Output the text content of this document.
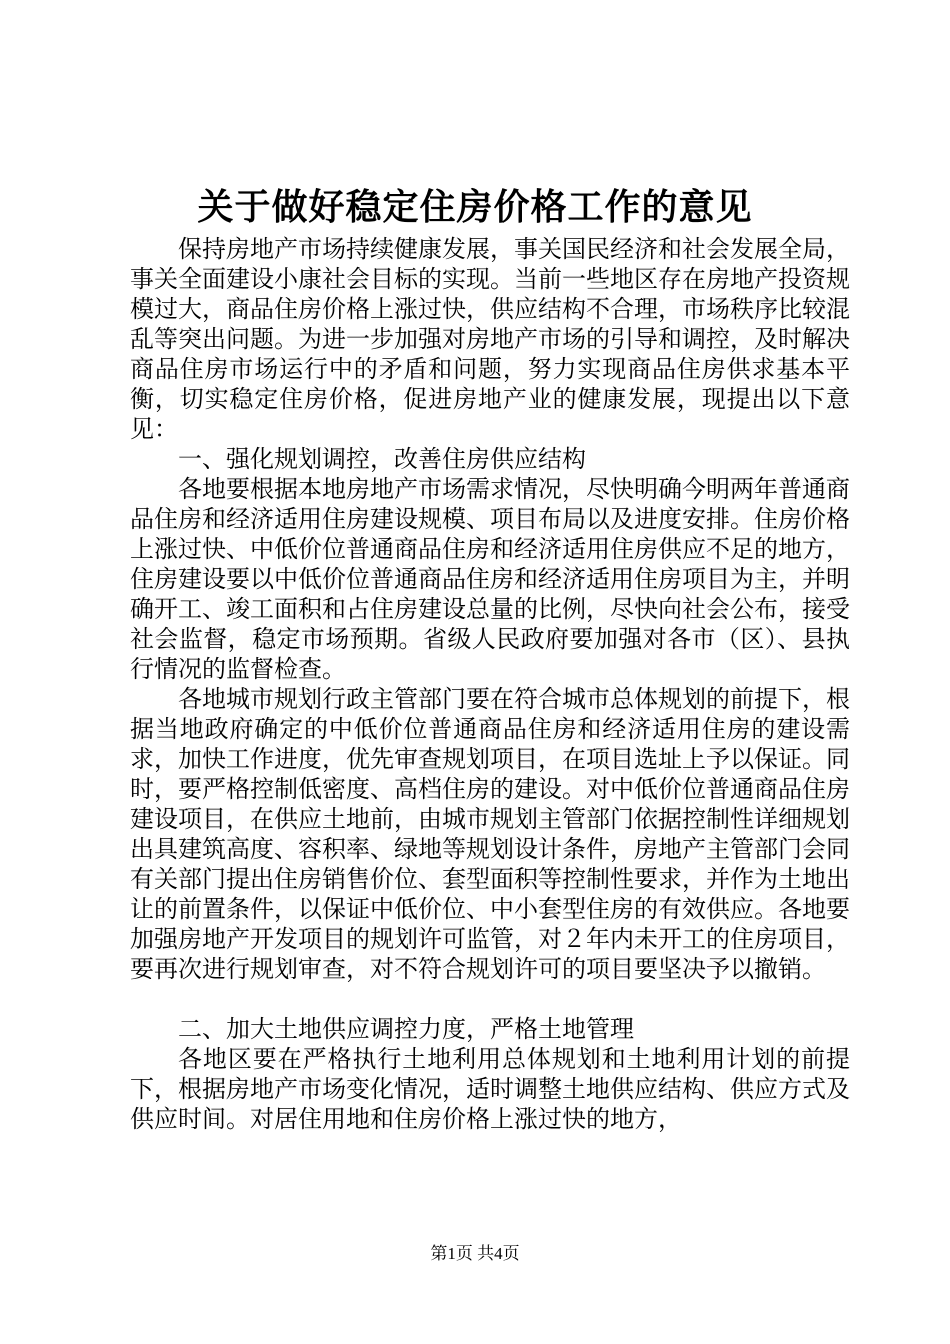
关于做好稳定住房价格工作的意见

保持房地产市场持续健康发展，事关国民经济和社会发展全局，事关全面建设小康社会目标的实现。当前一些地区存在房地产投资规模过大，商品住房价格上涨过快，供应结构不合理，市场秩序比较混乱等突出问题。为进一步加强对房地产市场的引导和调控，及时解决商品住房市场运行中的矛盾和问题，努力实现商品住房供求基本平衡，切实稳定住房价格，促进房地产业的健康发展，现提出以下意见：

一、强化规划调控，改善住房供应结构

各地要根据本地房地产市场需求情况，尽快明确今明两年普通商品住房和经济适用住房建设规模、项目布局以及进度安排。住房价格上涨过快、中低价位普通商品住房和经济适用住房供应不足的地方，住房建设要以中低价位普通商品住房和经济适用住房项目为主，并明确开工、竣工面积和占住房建设总量的比例，尽快向社会公布，接受社会监督，稳定市场预期。省级人民政府要加强对各市（区）、县执行情况的监督检查。

各地城市规划行政主管部门要在符合城市总体规划的前提下，根据当地政府确定的中低价位普通商品住房和经济适用住房的建设需求，加快工作进度，优先审查规划项目，在项目选址上予以保证。同时，要严格控制低密度、高档住房的建设。对中低价位普通商品住房建设项目，在供应土地前，由城市规划主管部门依据控制性详细规划出具建筑高度、容积率、绿地等规划设计条件，房地产主管部门会同有关部门提出住房销售价位、套型面积等控制性要求，并作为土地出让的前置条件，以保证中低价位、中小套型住房的有效供应。各地要加强房地产开发项目的规划许可监管，对２年内未开工的住房项目，要再次进行规划审查，对不符合规划许可的项目要坚决予以撤销。

二、加大土地供应调控力度，严格土地管理

各地区要在严格执行土地利用总体规划和土地利用计划的前提下，根据房地产市场变化情况，适时调整土地供应结构、供应方式及供应时间。对居住用地和住房价格上涨过快的地方，

第1页 共4页
